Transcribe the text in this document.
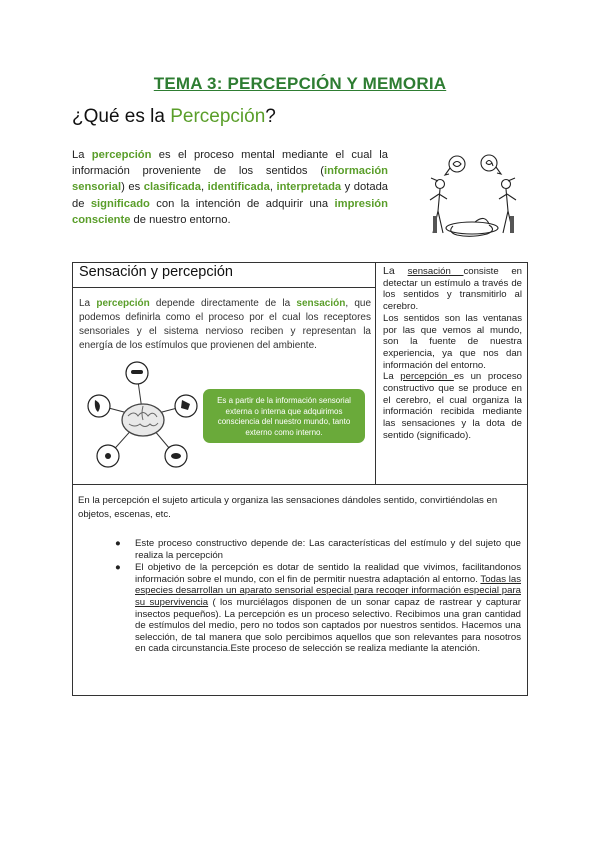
TEMA 3: PERCEPCIÓN Y MEMORIA
¿Qué es la Percepción?
La percepción es el proceso mental mediante el cual la información proveniente de los sentidos (información sensorial) es clasificada, identificada, interpretada y dotada de significado con la intención de adquirir una impresión consciente de nuestro entorno.
Sensación y percepción
La percepción depende directamente de la sensación, que podemos definirla como el proceso por el cual los receptores sensoriales y el sistema nervioso reciben y representan la energía de los estímulos que provienen del ambiente.
Es a partir de la información sensorial externa o interna que adquirimos consciencia del nuestro mundo, tanto externo como interno.

La sensación consiste en detectar un estímulo a través de los sentidos y transmitirlo al cerebro.

Los sentidos son las ventanas por las que vemos al mundo, son la fuente de nuestra experiencia, ya que nos dan información del entorno.

La percepción es un proceso constructivo que se produce en el cerebro, el cual organiza la información recibida mediante las sensaciones y la dota de sentido (significado).

En la percepción el sujeto articula y organiza las sensaciones dándoles sentido, convirtiéndolas en objetos, escenas, etc.
● Este proceso constructivo depende de: Las características del estímulo y del sujeto que realiza la percepción
● El objetivo de la percepción es dotar de sentido la realidad que vivimos, facilitandonos información sobre el mundo, con el fin de permitir nuestra adaptación al entorno. Todas las especies desarrollan un aparato sensorial especial para recoger información especial para su supervivencia ( los murciélagos disponen de un sonar capaz de rastrear y capturar insectos pequeños). La percepción es un proceso selectivo. Recibimos una gran cantidad de estímulos del medio, pero no todos son captados por nuestros sentidos. Hacemos una selección, de tal manera que solo percibimos aquellos que son relevantes para nosotros en cada circunstancia.Este proceso de selección se realiza mediante la atención.
